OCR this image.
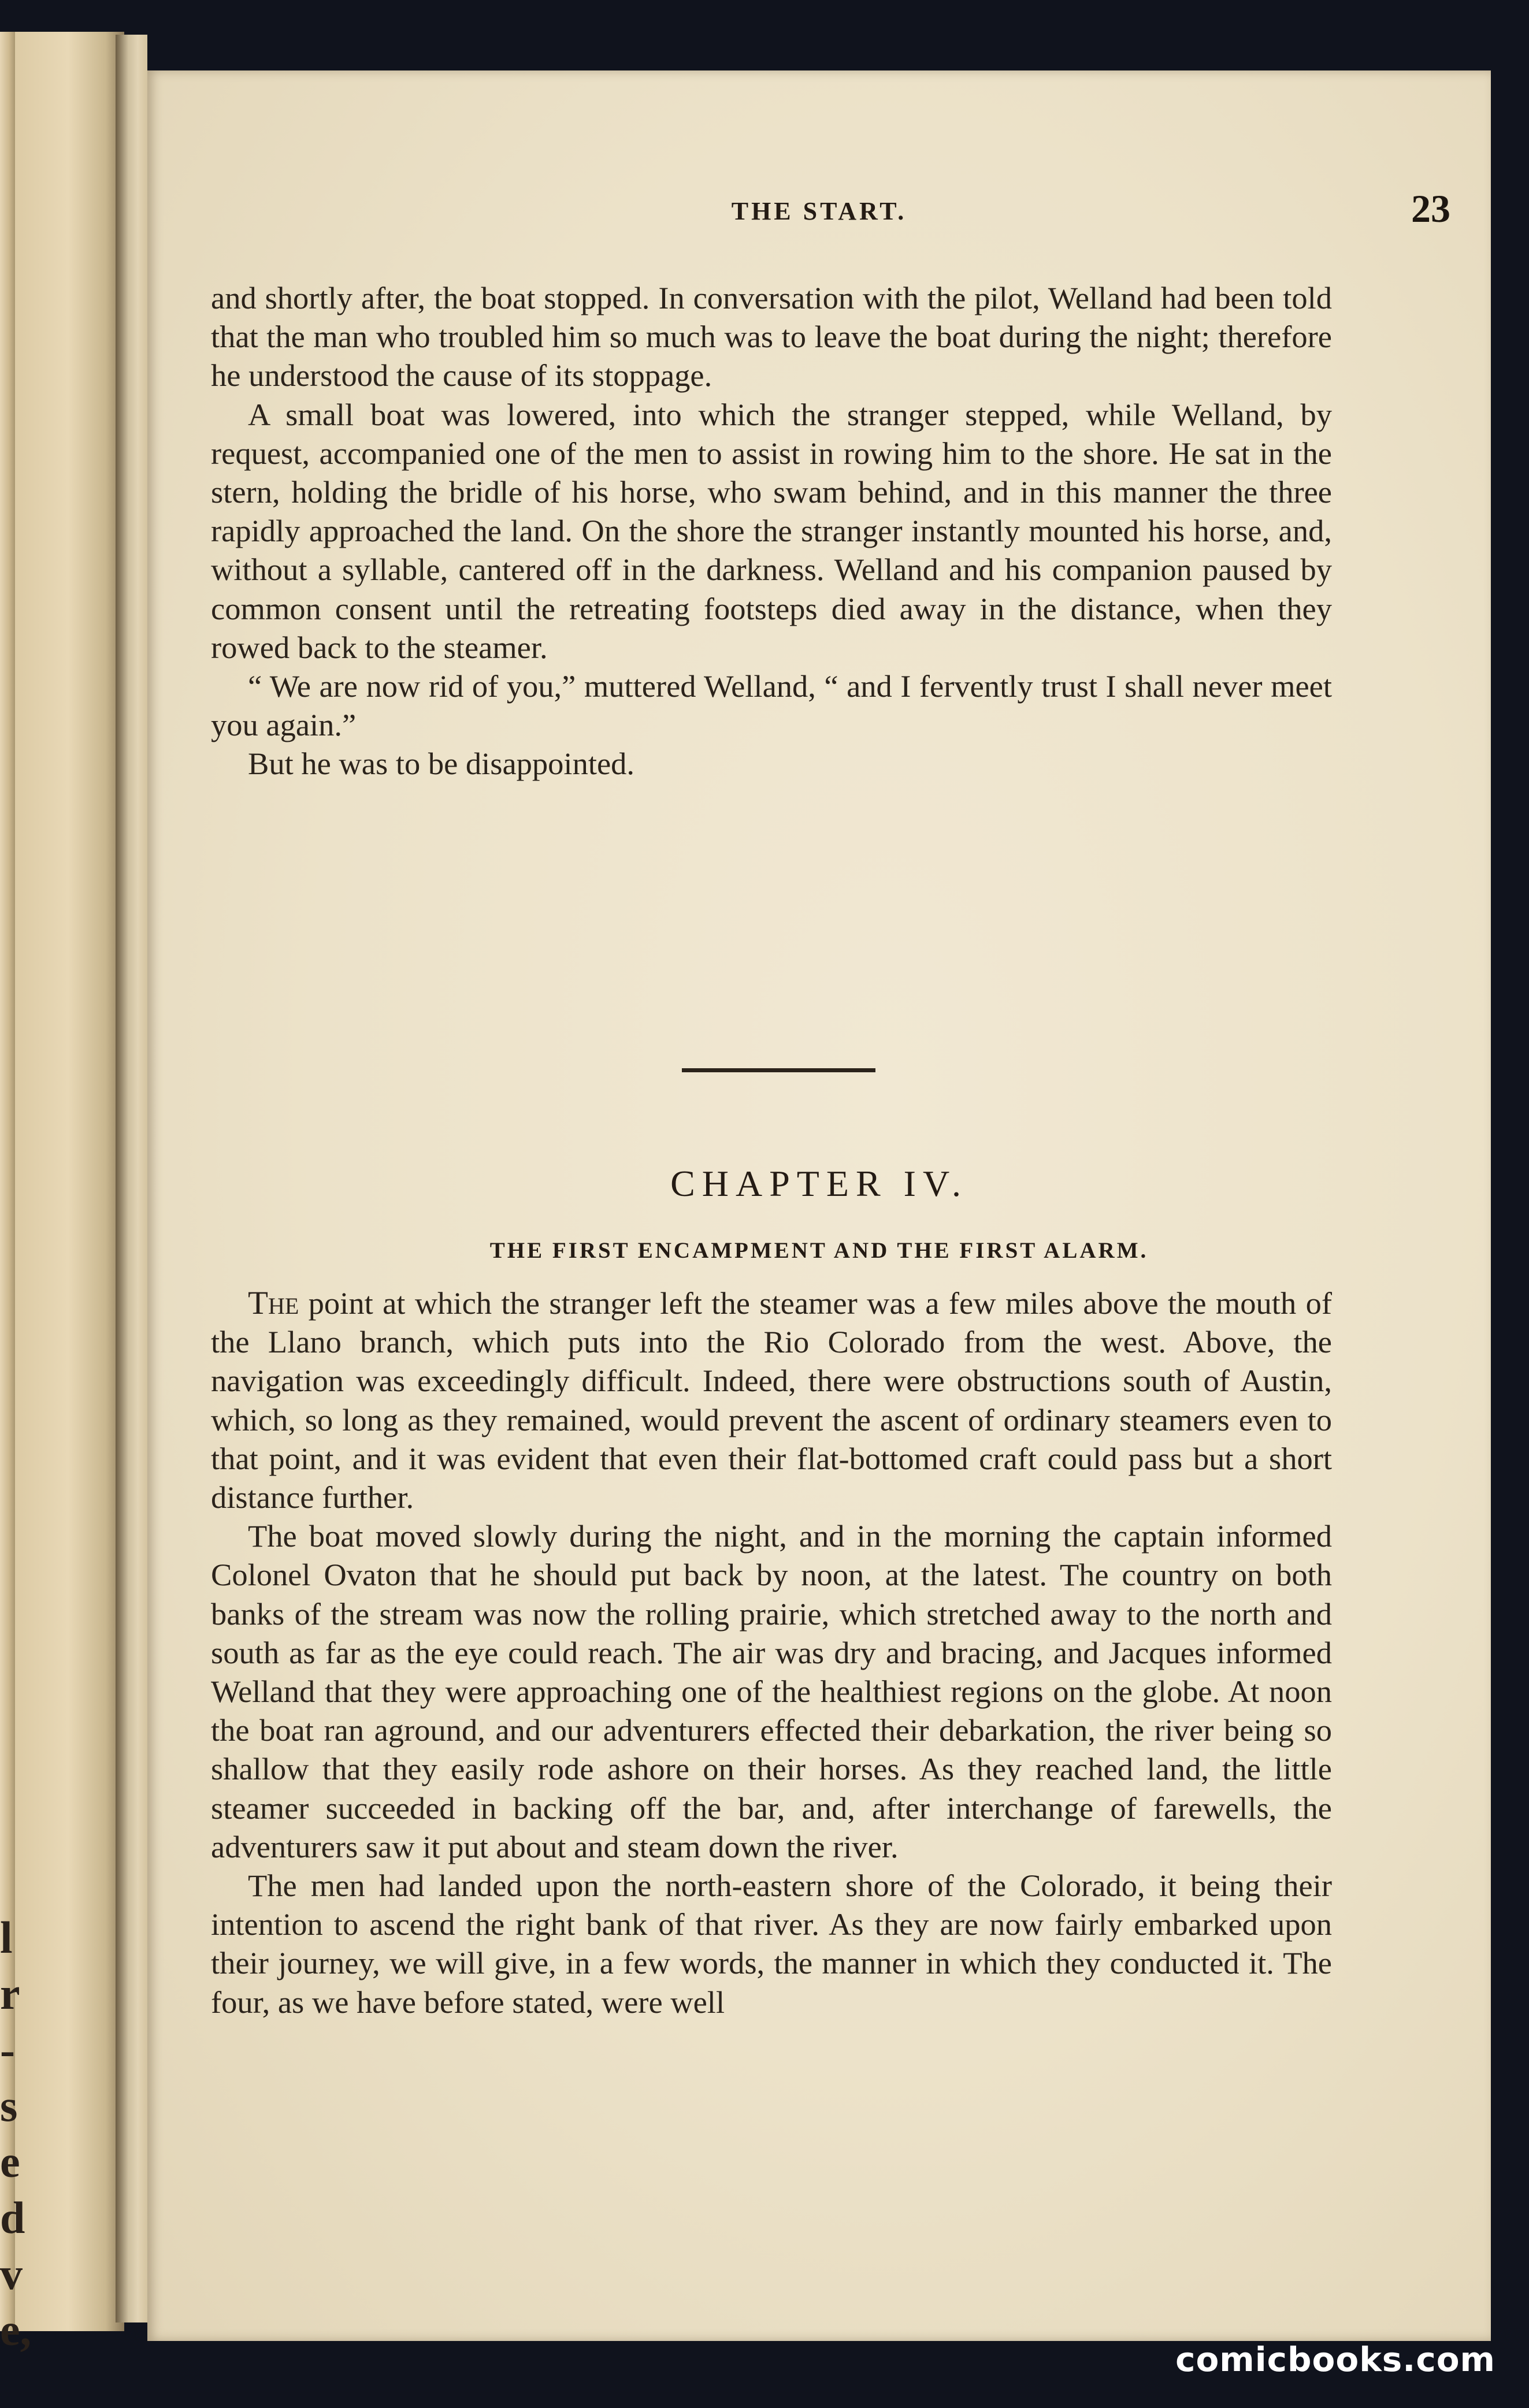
l
r
-
s
e
d
v
e,
THE START.	23

and shortly after, the boat stopped. In conversation with the pilot, Welland had been told that the man who troubled him so much was to leave the boat during the night; therefore he understood the cause of its stoppage.

A small boat was lowered, into which the stranger stepped, while Welland, by request, accompanied one of the men to assist in rowing him to the shore. He sat in the stern, holding the bridle of his horse, who swam behind, and in this manner the three rapidly approached the land. On the shore the stranger instantly mounted his horse, and, without a syllable, cantered off in the darkness. Welland and his companion paused by common consent until the retreating footsteps died away in the distance, when they rowed back to the steamer.

“ We are now rid of you,” muttered Welland, “ and I fervently trust I shall never meet you again.”

But he was to be disappointed.

CHAPTER IV.
THE FIRST ENCAMPMENT AND THE FIRST ALARM.

The point at which the stranger left the steamer was a few miles above the mouth of the Llano branch, which puts into the Rio Colorado from the west. Above, the navigation was exceedingly difficult. Indeed, there were obstructions south of Austin, which, so long as they remained, would prevent the ascent of ordinary steamers even to that point, and it was evident that even their flat-bottomed craft could pass but a short distance further.

The boat moved slowly during the night, and in the morning the captain informed Colonel Ovaton that he should put back by noon, at the latest. The country on both banks of the stream was now the rolling prairie, which stretched away to the north and south as far as the eye could reach. The air was dry and bracing, and Jacques informed Welland that they were approaching one of the healthiest regions on the globe. At noon the boat ran aground, and our adventurers effected their debarkation, the river being so shallow that they easily rode ashore on their horses. As they reached land, the little steamer succeeded in backing off the bar, and, after interchange of farewells, the adventurers saw it put about and steam down the river.

The men had landed upon the north-eastern shore of the Colorado, it being their intention to ascend the right bank of that river. As they are now fairly embarked upon their journey, we will give, in a few words, the manner in which they conducted it. The four, as we have before stated, were well

comicbooks.com
